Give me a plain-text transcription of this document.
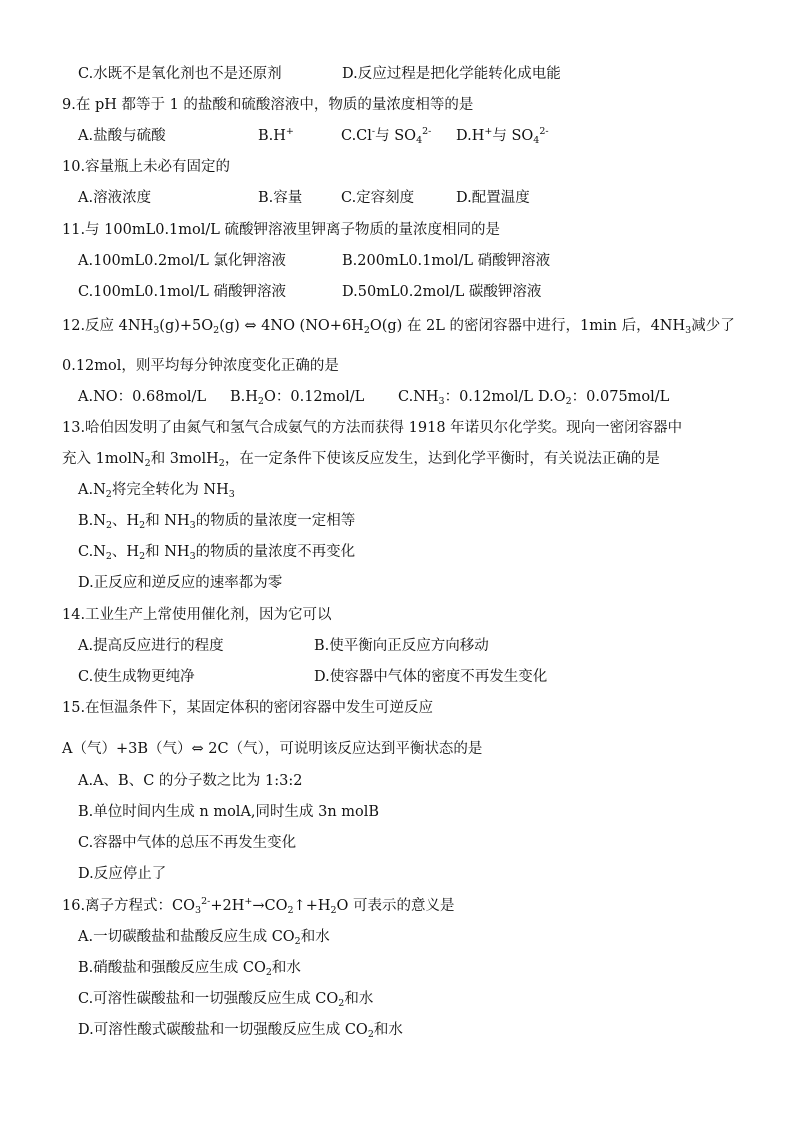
C.水既不是氧化剂也不是还原剂	D.反应过程是把化学能转化成电能
9.在 pH 都等于 1 的盐酸和硫酸溶液中，物质的量浓度相等的是
A.盐酸与硫酸	B.H+	C.Cl-与 $SO_4^{2-}$ D.H+与 $SO_4^{2-}$
10.容量瓶上未必有固定的
A.溶液浓度	B.容量	C.定容刻度	D.配置温度
11.与 100mL0.1mol/L 硫酸钾溶液里钾离子物质的量浓度相同的是
A.100mL0.2mol/L 氯化钾溶液	B.200mL0.1mol/L 硝酸钾溶液
C.100mL0.1mol/L 硝酸钾溶液	D.50mL0.2mol/L 碳酸钾溶液
12.反应 $4NH_3(g)+5O_2(g)$ ⇔ 4NO ($NO+6H_2O(g)$ 在 2L 的密闭容器中进行，1min 后，$4NH_3$减少了
0.12mol，则平均每分钟浓度变化正确的是
A.NO：0.68mol/L $B.H_2O$：0.12mol/L $C.NH_3$：0.12mol/L $D.O_2$：0.075mol/L
13.哈伯因发明了由氮气和氢气合成氨气的方法而获得 1918 年诺贝尔化学奖。现向一密闭容器中
充入 1molN$_2$和 3molH$_2$，在一定条件下使该反应发生，达到化学平衡时，有关说法正确的是
$A.N_2$将完全转化为 $NH_3$
$B.N_2$、$H_2$和 $NH_3$的物质的量浓度一定相等
$C.N_2$、$H_2$和 $NH_3$的物质的量浓度不再变化
D.正反应和逆反应的速率都为零
14.工业生产上常使用催化剂，因为它可以
A.提高反应进行的程度	B.使平衡向正反应方向移动
C.使生成物更纯净	D.使容器中气体的密度不再发生变化
15.在恒温条件下，某固定体积的密闭容器中发生可逆反应
A（气）+3B（气）⇔ 2C（气），可说明该反应达到平衡状态的是
A.A、B、C 的分子数之比为 1:3:2
B.单位时间内生成 n molA,同时生成 3n molB
C.容器中气体的总压不再发生变化
D.反应停止了
16.离子方程式：$CO_3^{2-}+2H^+\to CO_2↑+H_2O$ 可表示的意义是
A.一切碳酸盐和盐酸反应生成 $CO_2$和水
B.硝酸盐和强酸反应生成 $CO_2$和水
C.可溶性碳酸盐和一切强酸反应生成 $CO_2$和水
D.可溶性酸式碳酸盐和一切强酸反应生成 $CO_2$和水
